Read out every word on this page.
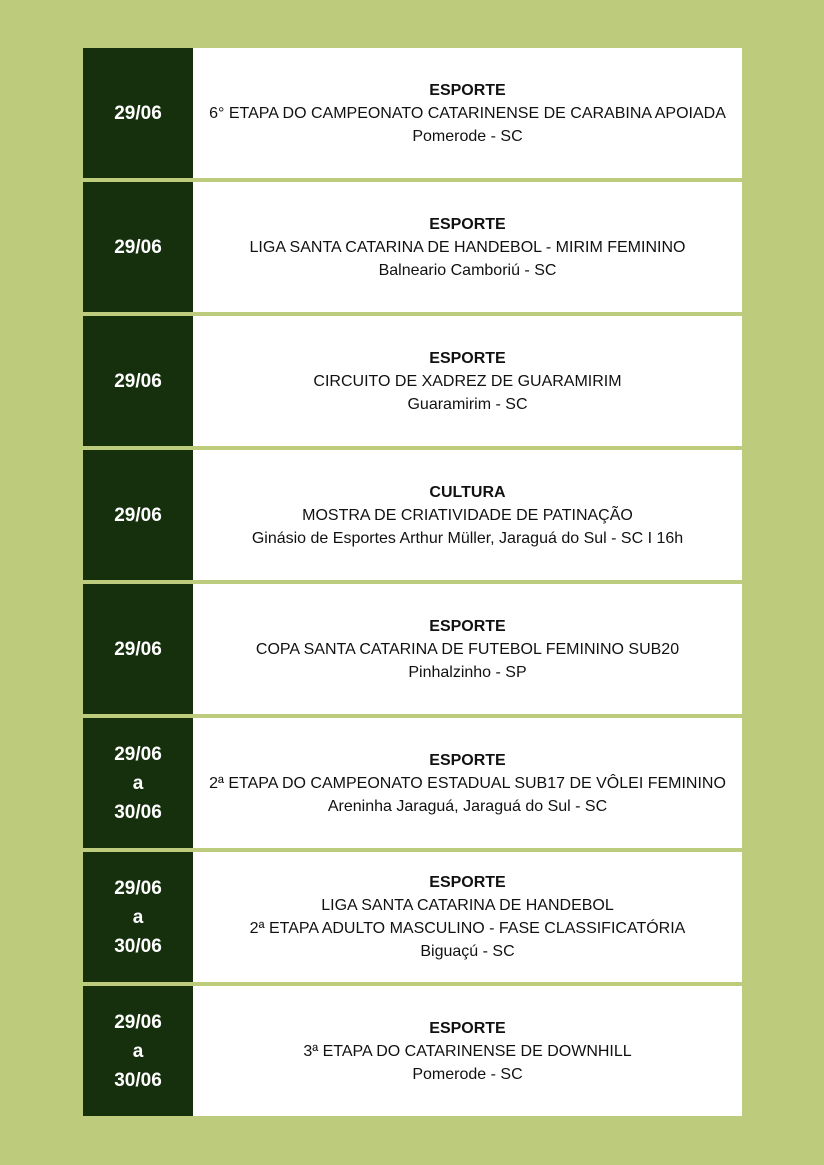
29/06
ESPORTE
6° ETAPA DO CAMPEONATO CATARINENSE DE CARABINA APOIADA
Pomerode - SC
29/06
ESPORTE
LIGA SANTA CATARINA DE HANDEBOL - MIRIM FEMININO
Balneario Camboriú - SC
29/06
ESPORTE
CIRCUITO DE XADREZ DE GUARAMIRIM
Guaramirim - SC
29/06
CULTURA
MOSTRA DE CRIATIVIDADE DE PATINAÇÃO
Ginásio de Esportes Arthur Müller, Jaraguá do Sul - SC I 16h
29/06
ESPORTE
COPA SANTA CATARINA DE FUTEBOL FEMININO SUB20
Pinhalzinho - SP
29/06
a
30/06
ESPORTE
2ª ETAPA DO CAMPEONATO ESTADUAL SUB17 DE VÔLEI FEMININO
Areninha Jaraguá, Jaraguá do Sul - SC
29/06
a
30/06
ESPORTE
LIGA SANTA CATARINA DE HANDEBOL
2ª ETAPA ADULTO MASCULINO - FASE CLASSIFICATÓRIA
Biguaçú - SC
29/06
a
30/06
ESPORTE
3ª ETAPA DO CATARINENSE DE DOWNHILL
Pomerode - SC
